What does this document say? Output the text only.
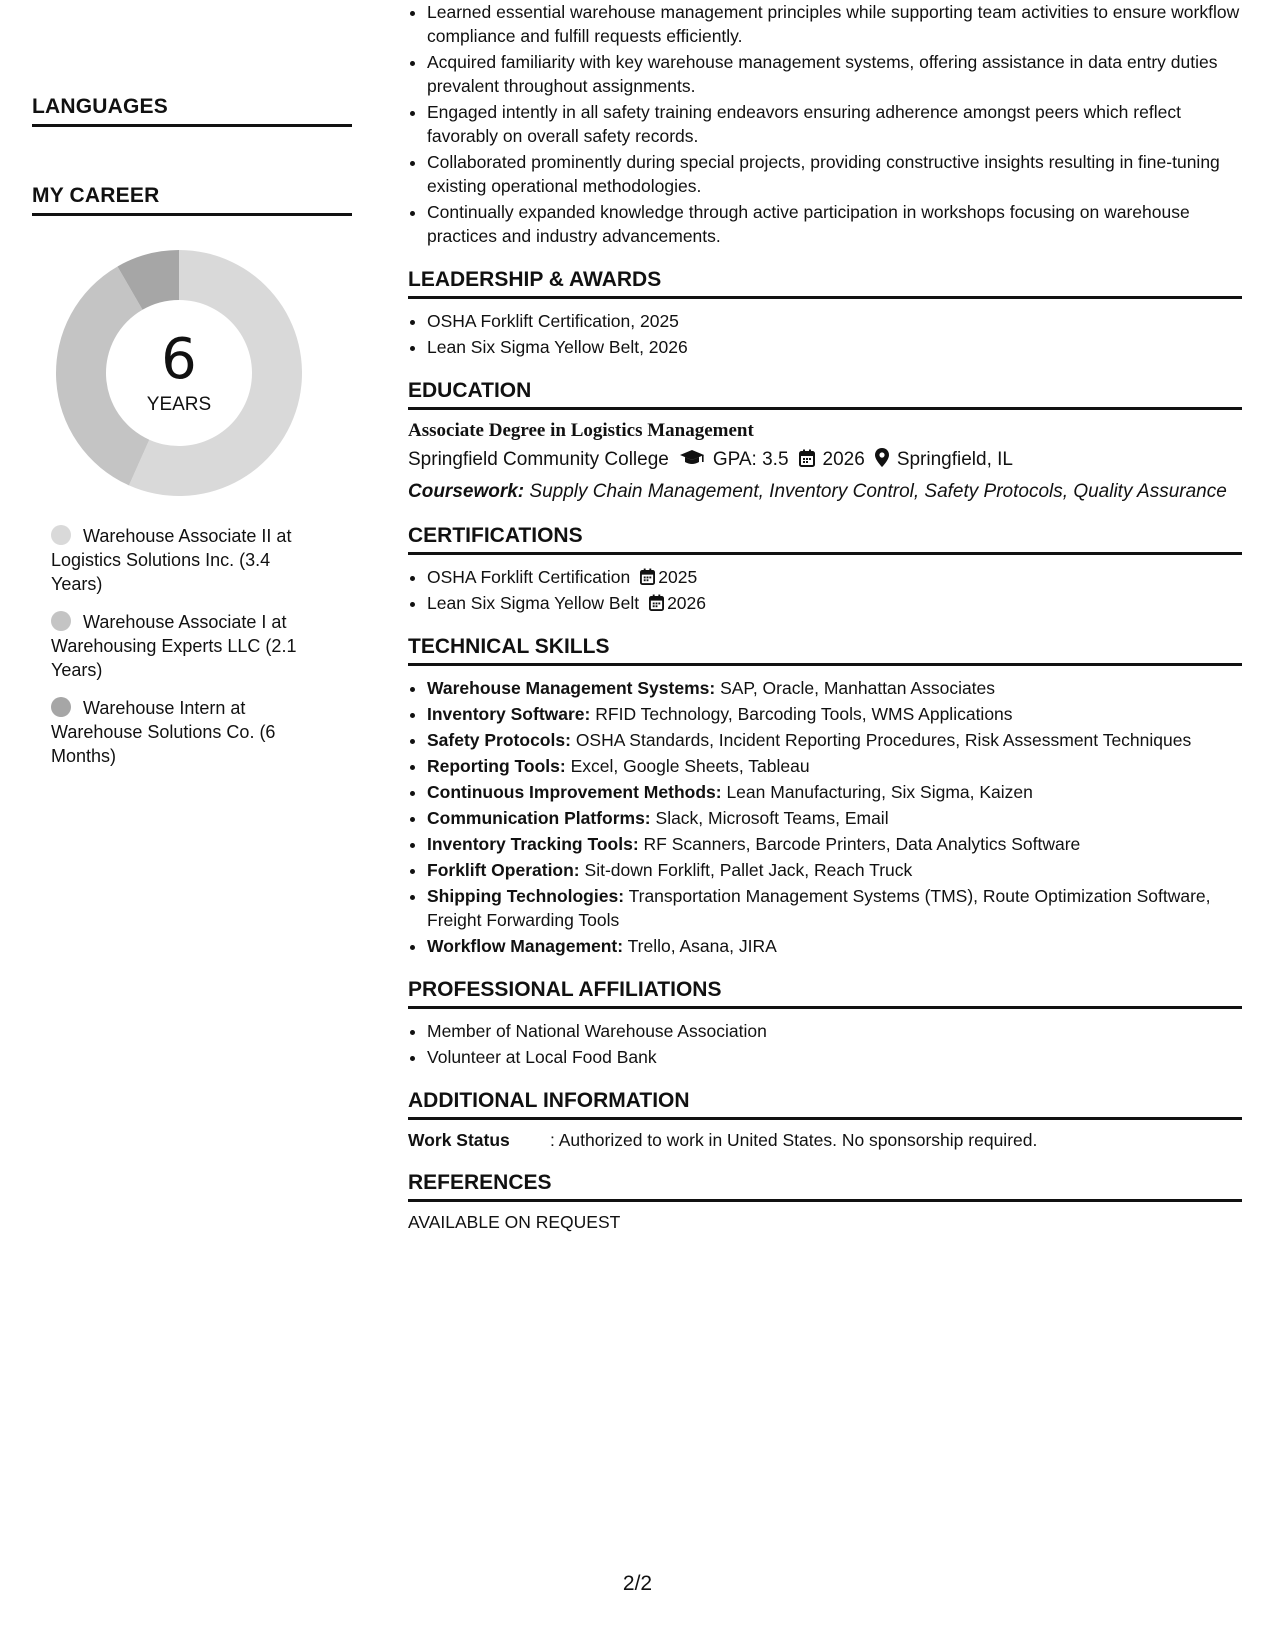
LANGUAGES
MY CAREER
6
YEARS
Warehouse Associate II at Logistics Solutions Inc. (3.4 Years)
Warehouse Associate I at Warehousing Experts LLC (2.1 Years)
Warehouse Intern at Warehouse Solutions Co. (6 Months)
• Learned essential warehouse management principles while supporting team activities to ensure workflow compliance and fulfill requests efficiently.
• Acquired familiarity with key warehouse management systems, offering assistance in data entry duties prevalent throughout assignments.
• Engaged intently in all safety training endeavors ensuring adherence amongst peers which reflect favorably on overall safety records.
• Collaborated prominently during special projects, providing constructive insights resulting in fine-tuning existing operational methodologies.
• Continually expanded knowledge through active participation in workshops focusing on warehouse practices and industry advancements.
LEADERSHIP & AWARDS
• OSHA Forklift Certification, 2025
• Lean Six Sigma Yellow Belt, 2026
EDUCATION
Associate Degree in Logistics Management
Springfield Community College GPA: 3.5 2026 Springfield, IL
Coursework: Supply Chain Management, Inventory Control, Safety Protocols, Quality Assurance
CERTIFICATIONS
• OSHA Forklift Certification 2025
• Lean Six Sigma Yellow Belt 2026
TECHNICAL SKILLS
• Warehouse Management Systems: SAP, Oracle, Manhattan Associates
• Inventory Software: RFID Technology, Barcoding Tools, WMS Applications
• Safety Protocols: OSHA Standards, Incident Reporting Procedures, Risk Assessment Techniques
• Reporting Tools: Excel, Google Sheets, Tableau
• Continuous Improvement Methods: Lean Manufacturing, Six Sigma, Kaizen
• Communication Platforms: Slack, Microsoft Teams, Email
• Inventory Tracking Tools: RF Scanners, Barcode Printers, Data Analytics Software
• Forklift Operation: Sit-down Forklift, Pallet Jack, Reach Truck
• Shipping Technologies: Transportation Management Systems (TMS), Route Optimization Software, Freight Forwarding Tools
• Workflow Management: Trello, Asana, JIRA
PROFESSIONAL AFFILIATIONS
• Member of National Warehouse Association
• Volunteer at Local Food Bank
ADDITIONAL INFORMATION
Work Status : Authorized to work in United States. No sponsorship required.
REFERENCES
AVAILABLE ON REQUEST
2/2
